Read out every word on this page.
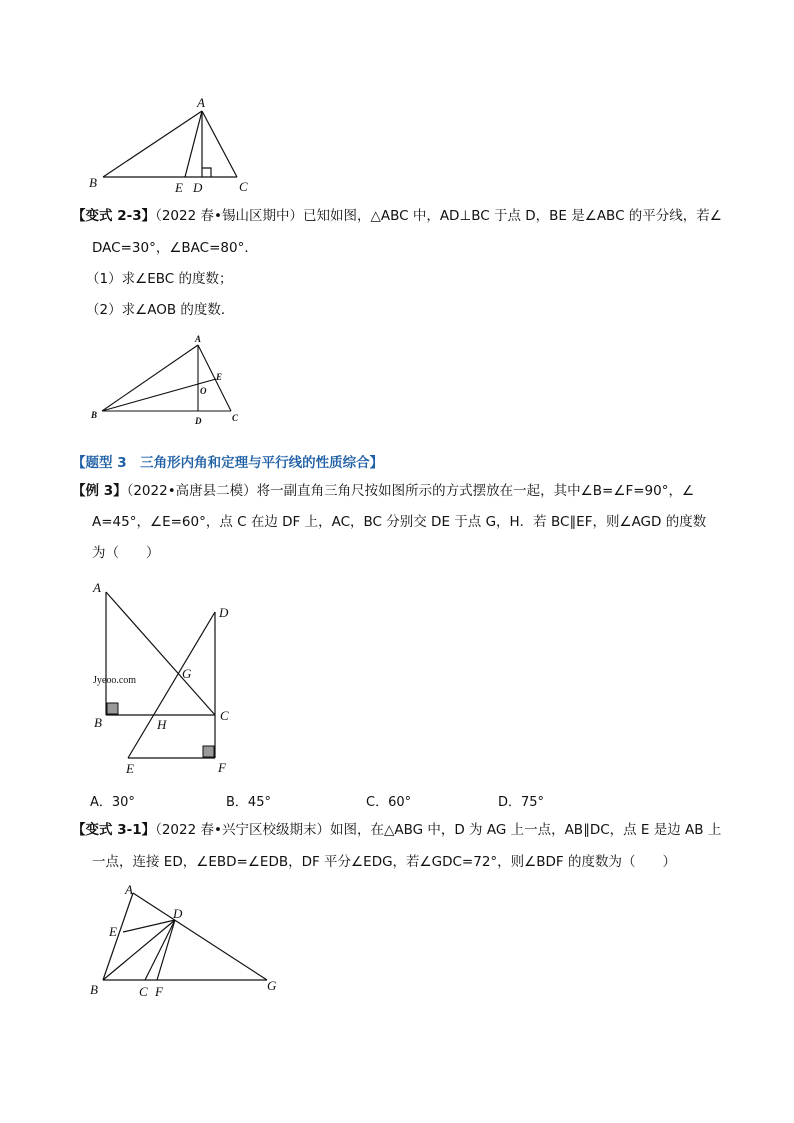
A
B	E D	C
【变式 2-3】（2022 春•锡山区期中）已知如图，△ABC 中，AD⊥BC 于点 D，BE 是∠ABC 的平分线，若∠
DAC=30°，∠BAC=80°．
（1）求∠EBC 的度数；
（2）求∠AOB 的度数．
A
E
O
B
D	C
【题型 3　三角形内角和定理与平行线的性质综合】
【例 3】（2022•高唐县二模）将一副直角三角尺按如图所示的方式摆放在一起，其中∠B=∠F=90°，∠
A=45°，∠E=60°，点 C 在边 DF 上，AC，BC 分别交 DE 于点 G，H．若 BC∥EF，则∠AGD 的度数
为（　　）
Jyeoo.com
A
D
G
B	H
C
E	F
A．30°	B．45°	C．60°	D．75°
【变式 3-1】（2022 春•兴宁区校级期末）如图，在△ABG 中，D 为 AG 上一点，AB∥DC，点 E 是边 AB 上
一点，连接 ED，∠EBD=∠EDB，DF 平分∠EDG，若∠GDC=72°，则∠BDF 的度数为（　　）
A
D
E
B	C F	G
